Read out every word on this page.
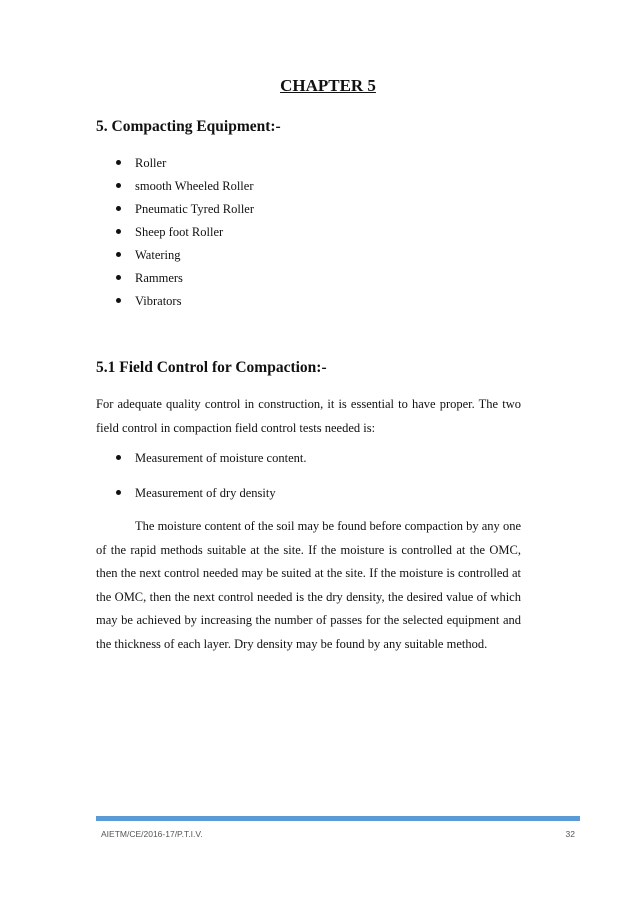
CHAPTER 5
5. Compacting Equipment:-
Roller
smooth Wheeled Roller
Pneumatic Tyred Roller
Sheep foot Roller
Watering
Rammers
Vibrators
5.1 Field Control for Compaction:-

For adequate quality control in construction, it is essential to have proper. The two field control in compaction field control tests needed is:

Measurement of moisture content.
Measurement of dry density

The moisture content of the soil may be found before compaction by any one of the rapid methods suitable at the site. If the moisture is controlled at the OMC, then the next control needed may be suited at the site. If the moisture is controlled at the OMC, then the next control needed is the dry density, the desired value of which may be achieved by increasing the number of passes for the selected equipment and the thickness of each layer. Dry density may be found by any suitable method.

AIETM/CE/2016-17/P.T.I.V.	32
